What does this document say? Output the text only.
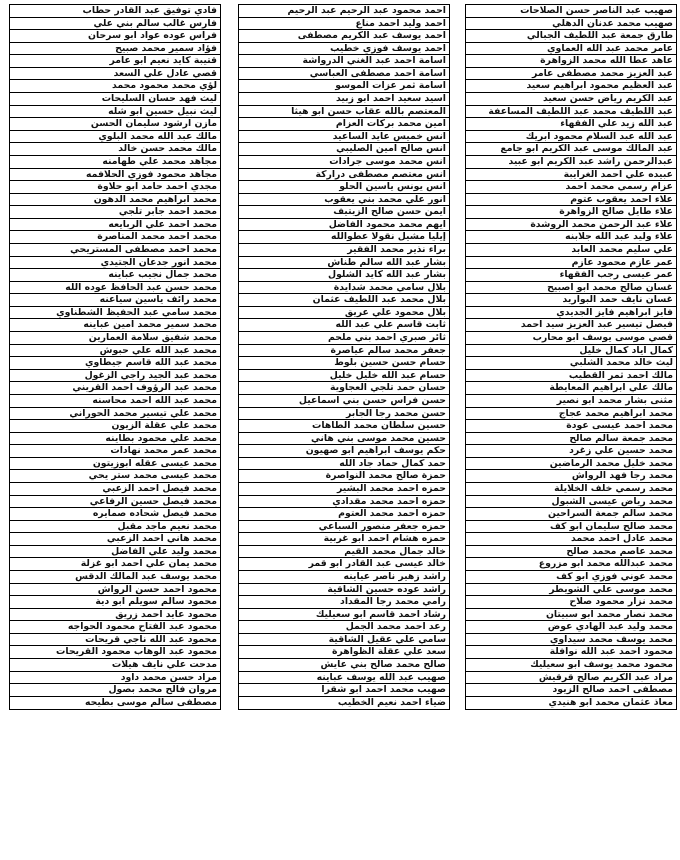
صهيب عبد الناصر حسن الصلاحات
صهيب محمد عدنان الدهلي
طارق جمعة عبد اللطيف الجبالي
عامر محمد عبد الله العماوي
عاهد عطا الله محمد الزواهرة
عبد العزيز محمد مصطفى عامر
عبد العظيم محمود ابراهيم سعيد
عبد الكريم رياض حسن سعيد
عبد اللطيف محمد عبد اللطيف المساعفة
عبد الله زيد علي الفقهاء
عبد الله عبد السلام محمود ابريك
عبد المالك موسى عبد الكريم ابو جامع
عبدالرحمن راشد عبد الكريم ابو عبيد
عبيده علي احمد الغرايبة
عزام رسمي محمد احمد
علاء احمد يعقوب عتوم
علاء طايل صالح الزواهرة
علاء عبد الرحمن محمد الروشدة
علاء وليد عبد الله جلابنه
علي سليم محمد العابد
عمر عازم محمود عازم
عمر عيسى رجب الفقهاء
غسان صالح محمد ابو اصبيح
غسان نايف حمد البواريد
فايز ابراهيم فايز الجديدي
فيصل تيسير عبد العزيز سيد احمد
قصي موسى يوسف ابو محارب
كمال اياد كمال خليل
ليث خالد محمد الشلبي
مالك احمد ثمر القطيب
مالك علي ابراهيم المعايطة
مثنى بشار محمد ابو نصير
محمد ابراهيم محمد عجاج
محمد احمد عيسى عودة
محمد جمعة سالم صالح
محمد حسين علي زغرد
محمد خليل محمد الرماضين
محمد رجا فهد الرواش
محمد رسمي خلف الخلايلة
محمد رياض عيسى الشبول
محمد سالم جمعة السراحين
محمد صالح سليمان ابو كف
محمد عادل احمد محمد
محمد عاصم محمد صالح
محمد عبدالله محمد ابو مزروع
محمد عوني فوزي ابو كف
محمد موسى علي الشويطر
محمد نزار محمود صلاح
محمد نصار محمد ابو سبيتان
محمد وليد عبد الهادي عوض
محمد يوسف محمد سيداوي
محمود احمد عبد الله نوافلة
محمود محمد يوسف ابو سعيليك
مراد عبد الكريم صالح قرقيش
مصطفى احمد صالح الزيود
معاذ عثمان محمد ابو هنيدي
احمد محمود عبد الرحيم عبد الرحيم
احمد وليد احمد مناع
احمد يوسف عبد الكريم مصطفى
احمد يوسف فوزي خطيب
اسامة احمد عبد الغني الدرواشة
اسامة احمد مصطفى العباسي
اسامة ثمر عزات الموسو
اسيد سعيد احمد ابو زبيد
المعتصم بالله عقاب حسن ابو هيثا
امين محمد بركات العزام
انس خميس عايد الساعيد
انس صالح امين الصليبي
انس محمد موسى جرادات
انس معتصم مصطفى دراركة
انس يونس ياسين الحلو
انور علي محمد بني يعقوب
ايمن حسن صالح الزيتيف
ايهم محمد محمود الفاضل
إيليا مشيل نقولا عطوالله
براء نذير محمد الفقير
بشار عبد الله سالم طناش
بشار عبد الله كايد الشلول
بلال سامي محمد شدايدة
بلال محمد عبد اللطيف عثمان
بلال محمود علي عريق
ثابت قاسم علي عبد الله
ثائر صبري احمد بني ملحم
جعفر محمد سالم عياصرة
حسام حسن حسين بلوط
حسام عبد الله خليل خليل
حسان حمد تلجي العجاوية
حسن فراس حسن بني اسماعيل
حسن محمد رجا الجابر
حسين سلطان محمد الطاهات
حسين محمد موسى بني هاني
حكم يوسف ابراهيم ابو صهيون
حمد كمال حماد جاد الله
حمزة صالح محمد النواصرة
حمزه احمد محمد البشير
حمزه احمد محمد مقدادي
حمزه احمد محمد العتوم
حمزه جعفر منصور السباعي
حمزه هشام احمد ابو غربية
خالد جمال محمد القيم
خالد عيسى عبد القادر ابو قمر
راشد زهير ناصر عياينه
راشد عوده حسين الشاقية
رامي محمد رجا المقداد
رشاد احمد قاسم ابو سعيليك
رعد احمد محمد الجمل
سامي علي عقيل الشاقية
سعد علي عقلة الظواهرة
صالح محمد صالح بني عايش
صهيب عبد الله يوسف عباينه
صهيب محمد احمد ابو شقرا
ضياء احمد نعيم الخطيب
فادي توفيق عبد القادر حطاب
فارس غالب سالم بني علي
فراس عوده عواد ابو سرحان
فؤاد سمير محمد صبيح
قتيبة كايد نعيم ابو عامر
قصي عادل علي السعد
لؤي محمد محمود محمد
ليث فهد حسان السليحات
ليث نبيل حسين ابو شله
مازن ارشود سليمان الحسن
مالك عبد الله محمد البلوي
مالك محمد حسن خالد
مجاهد محمد علي طهامنه
مجاهد محمود فوزي الحلافمه
مجدي احمد حامد ابو حلاوة
محمد ابراهيم محمد الدهون
محمد احمد جابر تلجي
محمد احمد علي الربايعه
محمد احمد محمد المناصرة
محمد احمد مصطفى المستريحي
محمد انور جدعان الجتيدي
محمد جمال نجيب عباينه
محمد حسن عبد الحافظ عوده الله
محمد رائف ياسين سياعنه
محمد سامي عبد الحفيظ الشطناوي
محمد سمير محمد امين عباينه
محمد شفيق سلامة العمارين
محمد عبد الله علي حبوش
محمد عبد الله قاسم جيطاوي
محمد عبد الجيد راجي الزغول
محمد عبد الرؤوف احمد القريني
محمد عبد الله احمد محاسنه
محمد علي تيسير محمد الحوراني
محمد علي عقلة الزيون
محمد علي محمود بطاينه
محمد عمر محمد نهادات
محمد عيسى عقله ابوزيتون
محمد عيسى محمد ستر يحي
محمد فيصل احمد الزعبي
محمد فيصل حسين الرفاعي
محمد فيصل شحاده صمايره
محمد نعيم ماجد مقبل
محمد هاني احمد الزعبي
محمد وليد علي الفاضل
محمد يمان علي احمد ابو غزلة
محمد يوسف عبد المالك الدقس
محمود احمد حسن الرواش
محمود سالم سويلم ابو دية
محمود عايد احمد زريق
محمود عبد الفتاح محمود الحواجه
محمود عبد الله ناجي قريحات
محمود عبد الوهاب محمود القريحات
مدحت علي نايف هيلات
مراد حسن محمد داود
مروان فالح محمد بصول
مصطفى سالم موسى بطيحه
